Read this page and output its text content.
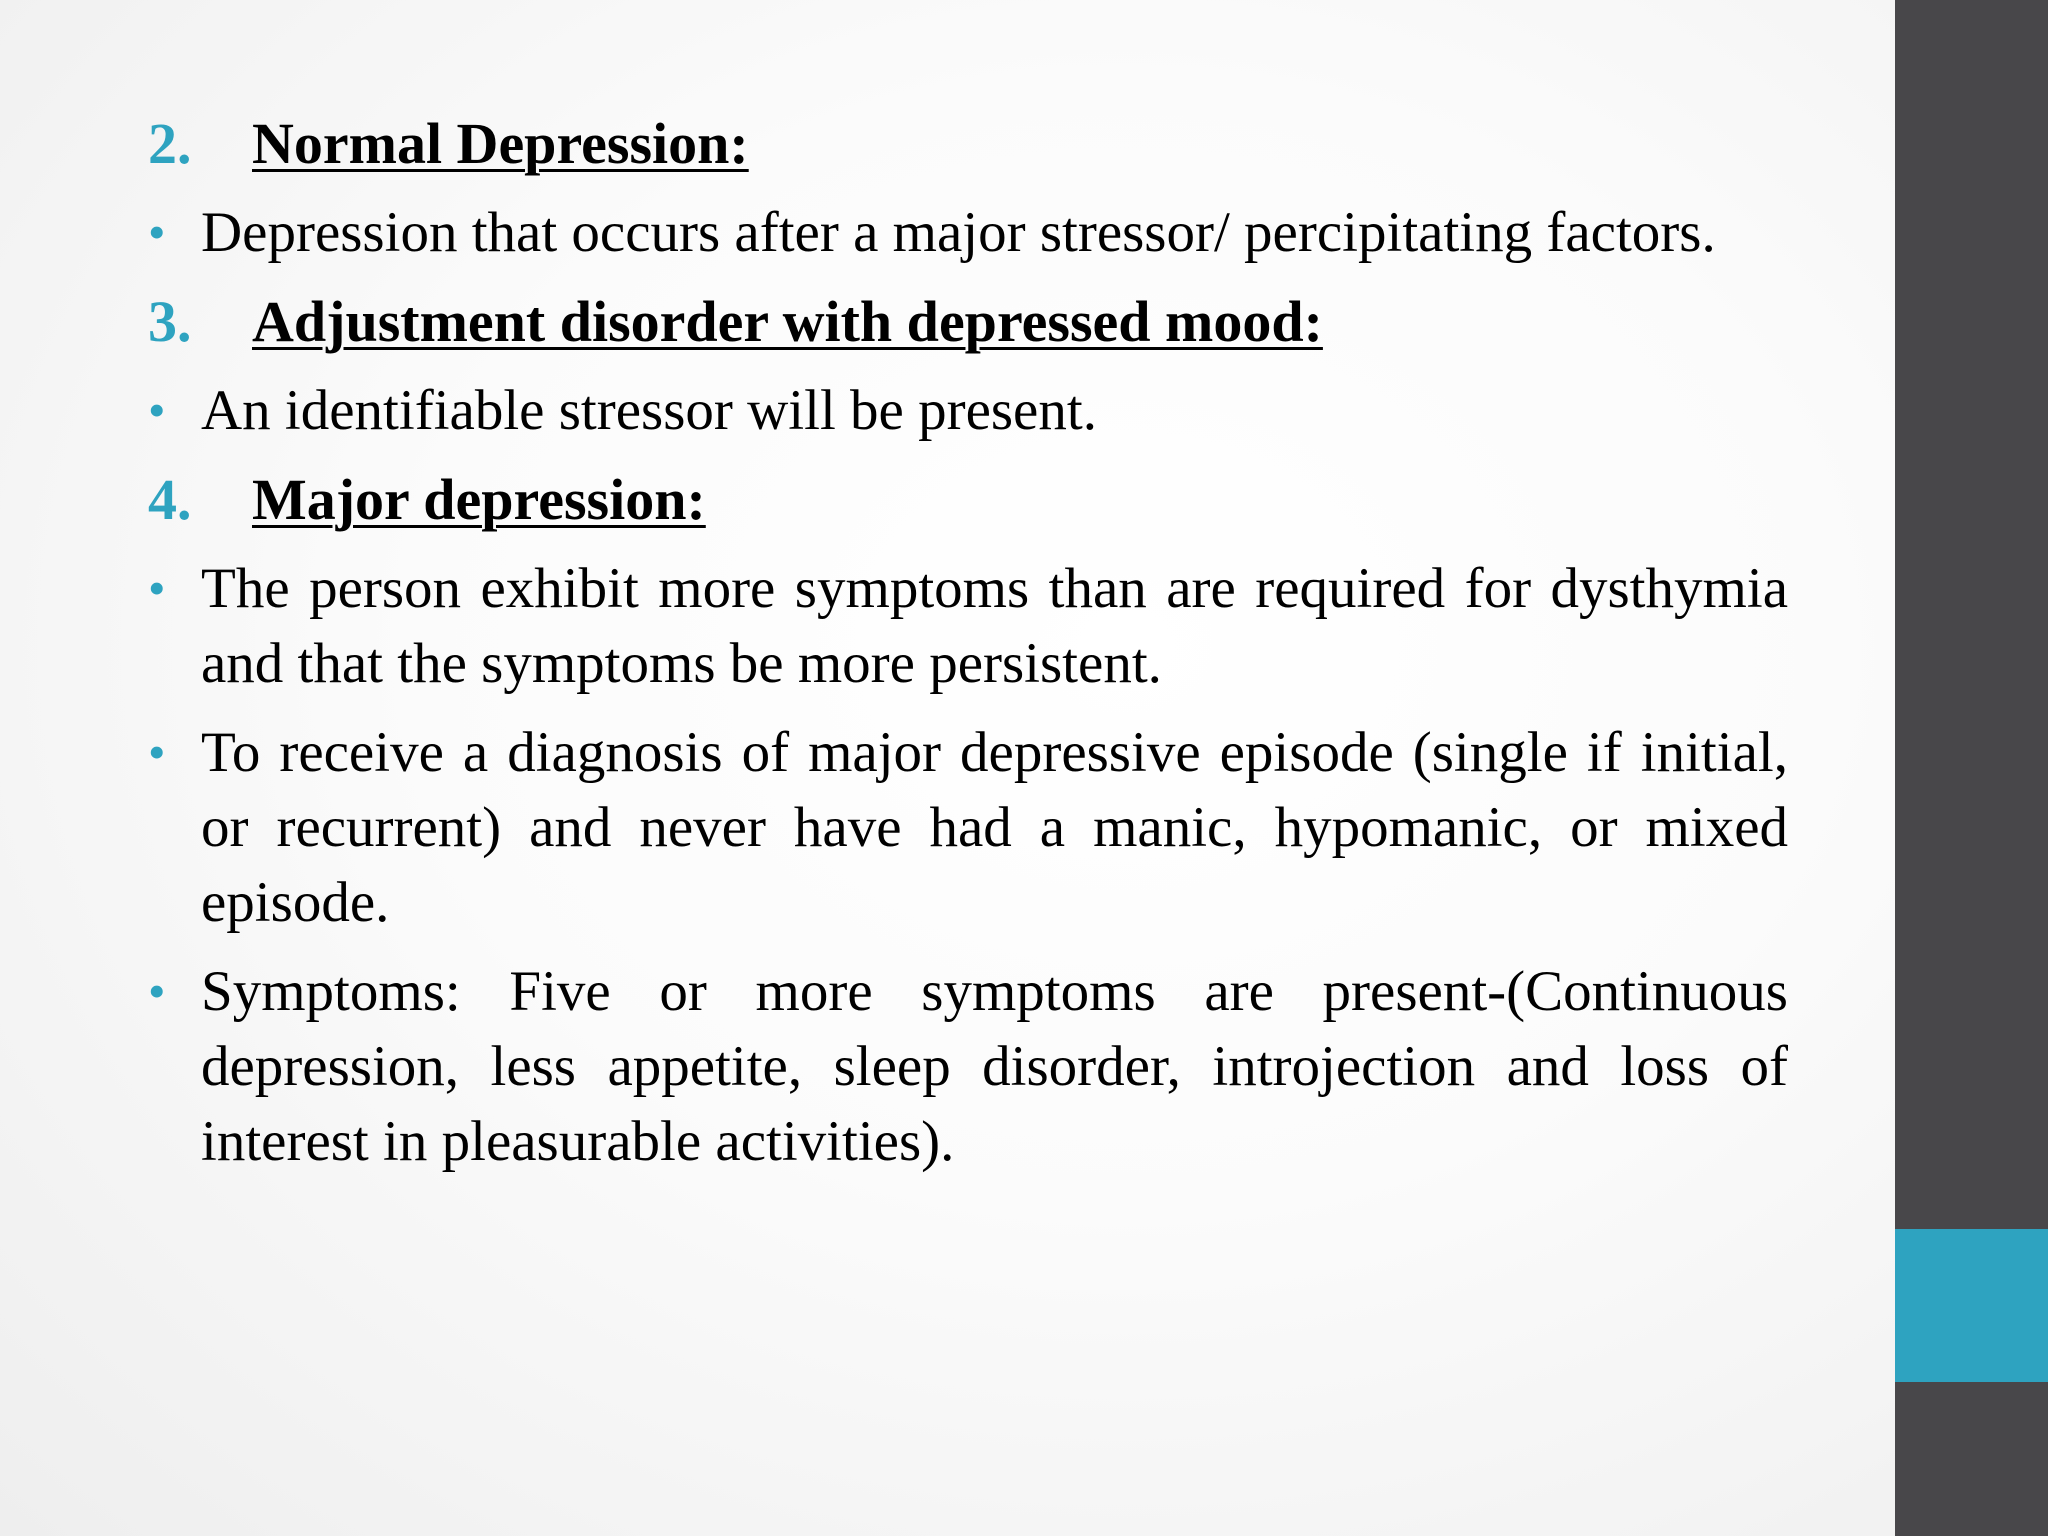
2. Normal Depression:
• Depression that occurs after a major stressor/ percipitating factors.
3. Adjustment disorder with depressed mood:
• An identifiable stressor will be present.
4. Major depression:
• The person exhibit more symptoms than are required for dysthymia and that the symptoms be more persistent.
• To receive a diagnosis of major depressive episode (single if initial, or recurrent) and never have had a manic, hypomanic, or mixed episode.
• Symptoms: Five or more symptoms are present-(Continuous depression, less appetite, sleep disorder, introjection and loss of interest in pleasurable activities).
